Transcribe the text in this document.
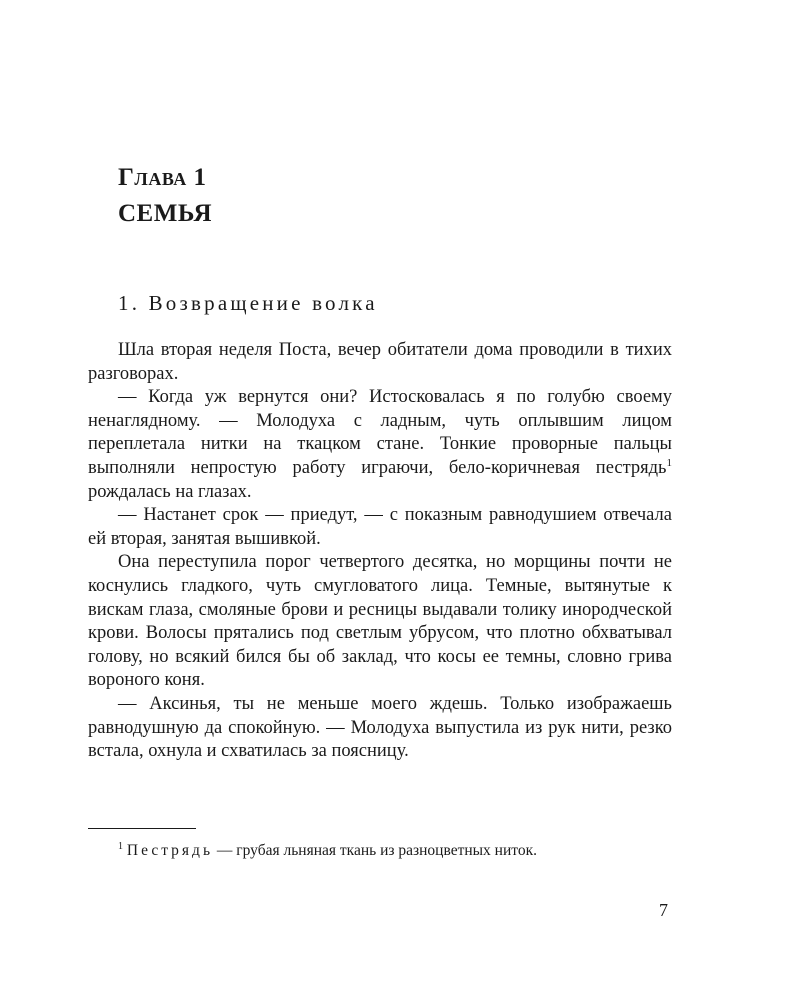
Глава 1
СЕМЬЯ
1. Возвращение волка

Шла вторая неделя Поста, вечер обитатели дома проводили в тихих разговорах.

— Когда уж вернутся они? Истосковалась я по голубю своему ненаглядному. — Молодуха с ладным, чуть оплывшим лицом переплетала нитки на ткацком стане. Тонкие проворные пальцы выполняли непростую работу играючи, бело-коричневая пестрядь$^1$ рождалась на глазах.

— Настанет срок — приедут, — с показным равнодушием отвечала ей вторая, занятая вышивкой.

Она переступила порог четвертого десятка, но морщины почти не коснулись гладкого, чуть смугловатого лица. Темные, вытянутые к вискам глаза, смоляные брови и ресницы выдавали толику инородческой крови. Волосы прятались под светлым убрусом, что плотно обхватывал голову, но всякий бился бы об заклад, что косы ее темны, словно грива вороного коня.

— Аксинья, ты не меньше моего ждешь. Только изображаешь равнодушную да спокойную. — Молодуха выпустила из рук нити, резко встала, охнула и схватилась за поясницу.

$^1$ Пестрядь — грубая льняная ткань из разноцветных ниток.

7
